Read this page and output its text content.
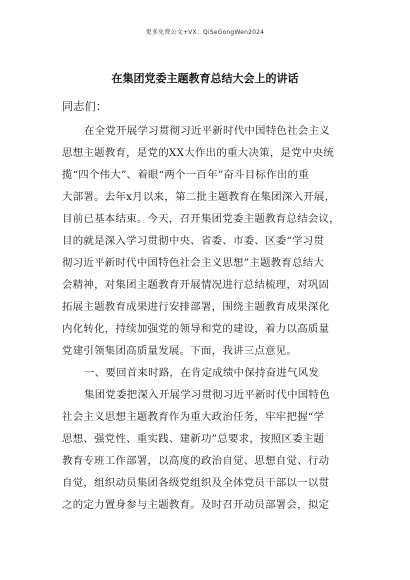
更多免费公文+VX：QiSeGongWen2024
在集团党委主题教育总结大会上的讲话
同志们：
在全党开展学习贯彻习近平新时代中国特色社会主义
思想主题教育，是党的XX大作出的重大决策，是党中央统
揽“四个伟大”、着眼“两个一百年”奋斗目标作出的重
大部署。去年x月以来，第二批主题教育在集团深入开展，
目前已基本结束。今天，召开集团党委主题教育总结会议，
目的就是深入学习贯彻中央、省委、市委、区委“学习贯
彻习近平新时代中国特色社会主义思想”主题教育总结大
会精神，对集团主题教育开展情况进行总结梳理，对巩固
拓展主题教育成果进行安排部署，围绕主题教育成果深化
内化转化，持续加强党的领导和党的建设，着力以高质量
党建引领集团高质量发展。下面，我讲三点意见。
一、要回首来时路，在肯定成绩中保持奋进气风发
集团党委把深入开展学习贯彻习近平新时代中国特色
社会主义思想主题教育作为重大政治任务，牢牢把握“学
思想、强党性、重实践、建新功”总要求，按照区委主题
教育专班工作部署，以高度的政治自觉、思想自觉、行动
自觉，组织动员集团各级党组织及全体党员干部以一以贯
之的定力置身参与主题教育。及时召开动员部署会，拟定
